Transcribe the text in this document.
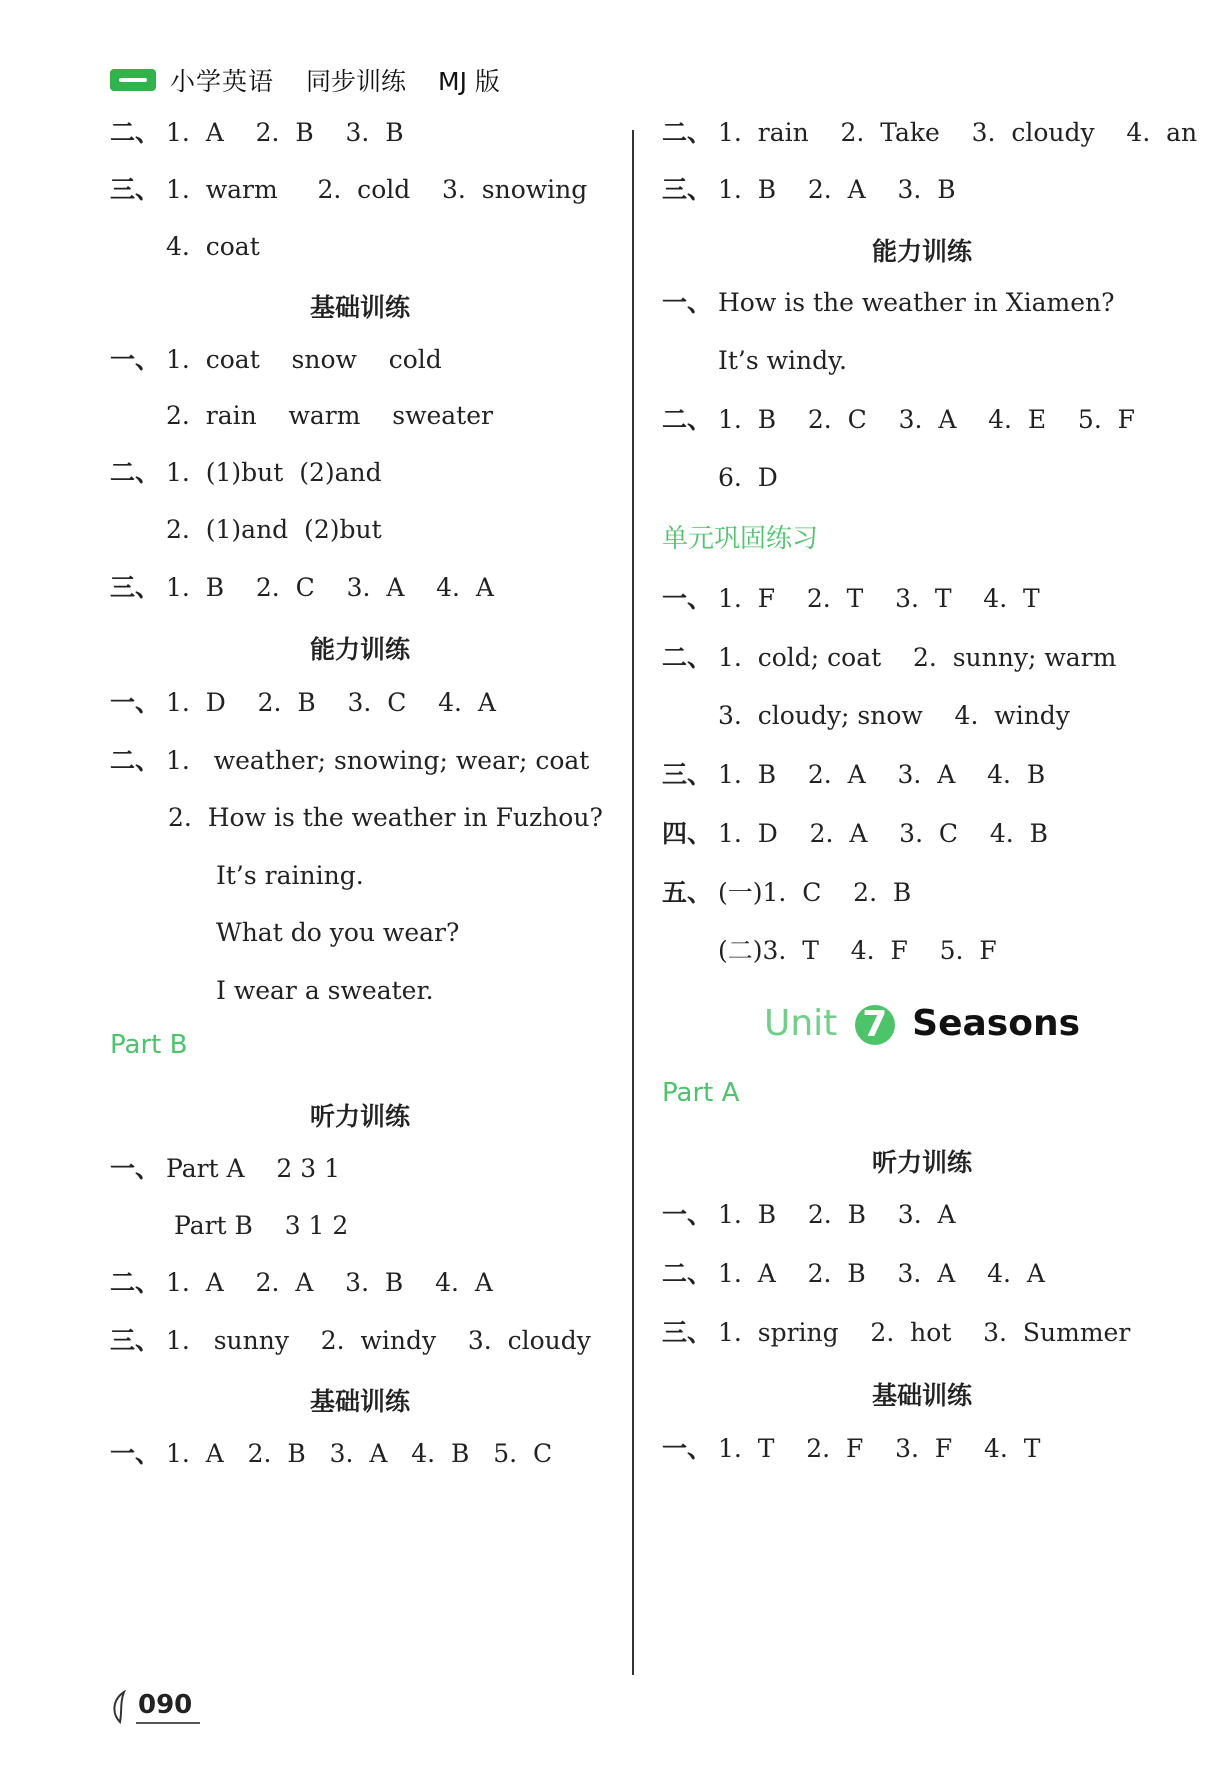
小学英语 同步训练 MJ 版
二、 1.  A    2.  B    3.  B
三、 1.  warm     2.  cold    3.  snowing
4.  coat
基础训练
一、 1.  coat    snow    cold
2.  rain    warm    sweater
二、 1.  (1)but  (2)and
2.  (1)and  (2)but
三、 1.  B    2.  C    3.  A    4.  A
能力训练
一、 1.  D    2.  B    3.  C    4.  A
二、 1.   weather; snowing; wear; coat
2.  How is the weather in Fuzhou?
It’s raining.
What do you wear?
I wear a sweater.
Part B
听力训练
一、 Part A    2 3 1
Part B    3 1 2
二、 1.  A    2.  A    3.  B    4.  A
三、 1.   sunny    2.  windy    3.  cloudy
基础训练
一、 1.  A   2.  B   3.  A   4.  B   5.  C
二、 1.  rain    2.  Take    3.  cloudy    4.  an
三、 1.  B    2.  A    3.  B
能力训练
一、 How is the weather in Xiamen?
It’s windy.
二、 1.  B    2.  C    3.  A    4.  E    5.  F
6.  D
单元巩固练习
一、 1.  F    2.  T    3.  T    4.  T
二、 1.  cold; coat    2.  sunny; warm
3.  cloudy; snow    4.  windy
三、 1.  B    2.  A    3.  A    4.  B
四、 1.  D    2.  A    3.  C    4.  B
五、 (一)1.  C    2.  B
(二)3.  T    4.  F    5.  F
Unit 7 Seasons
Part A
听力训练
一、 1.  B    2.  B    3.  A
二、 1.  A    2.  B    3.  A    4.  A
三、 1.  spring    2.  hot    3.  Summer
基础训练
一、 1.  T    2.  F    3.  F    4.  T
090
